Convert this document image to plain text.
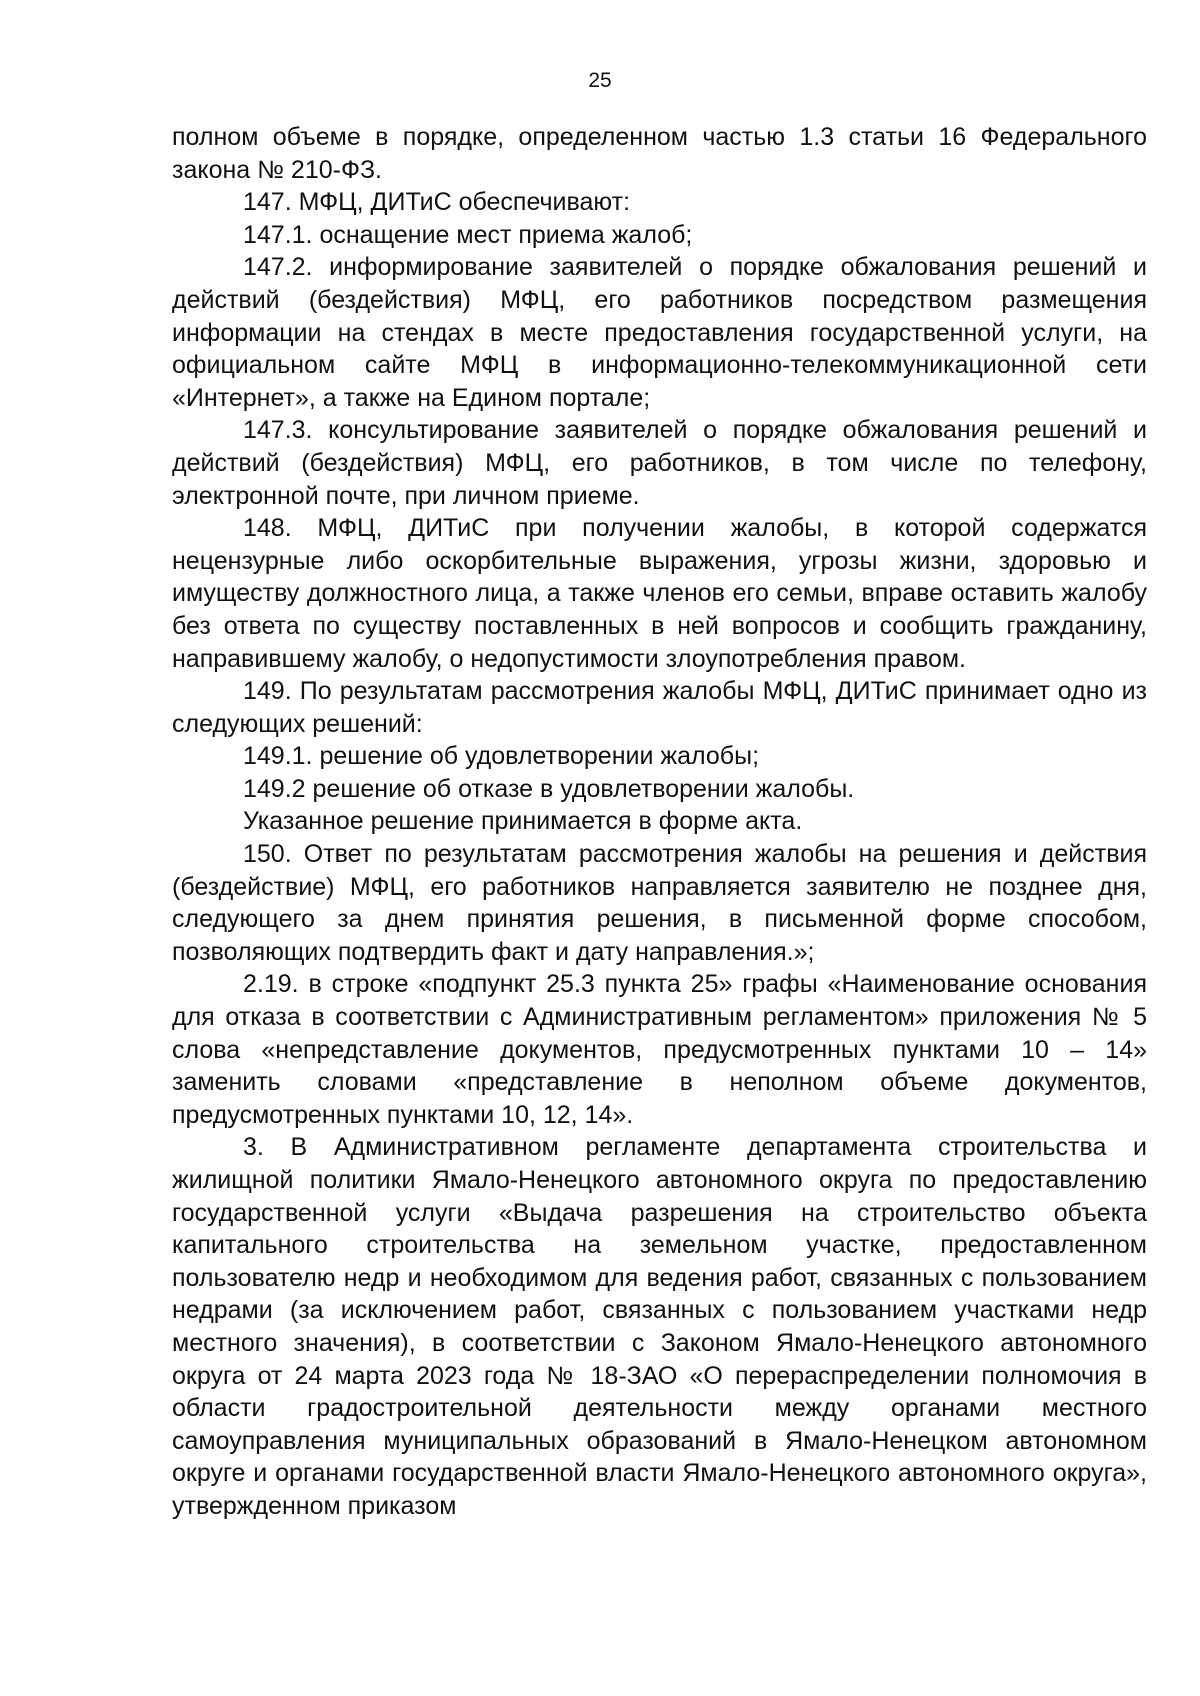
25

полном объеме в порядке, определенном частью 1.3 статьи 16 Федерального закона № 210-ФЗ.

147. МФЦ, ДИТиС обеспечивают:

147.1. оснащение мест приема жалоб;

147.2. информирование заявителей о порядке обжалования решений и действий (бездействия) МФЦ, его работников посредством размещения информации на стендах в месте предоставления государственной услуги, на официальном сайте МФЦ в информационно-телекоммуникационной сети «Интернет», а также на Едином портале;

147.3. консультирование заявителей о порядке обжалования решений и действий (бездействия) МФЦ, его работников, в том числе по телефону, электронной почте, при личном приеме.

148. МФЦ, ДИТиС при получении жалобы, в которой содержатся нецензурные либо оскорбительные выражения, угрозы жизни, здоровью и имуществу должностного лица, а также членов его семьи, вправе оставить жалобу без ответа по существу поставленных в ней вопросов и сообщить гражданину, направившему жалобу, о недопустимости злоупотребления правом.

149. По результатам рассмотрения жалобы МФЦ, ДИТиС принимает одно из следующих решений:

149.1. решение об удовлетворении жалобы;

149.2 решение об отказе в удовлетворении жалобы.

Указанное решение принимается в форме акта.

150. Ответ по результатам рассмотрения жалобы на решения и действия (бездействие) МФЦ, его работников направляется заявителю не позднее дня, следующего за днем принятия решения, в письменной форме способом, позволяющих подтвердить факт и дату направления.»;

2.19. в строке «подпункт 25.3 пункта 25» графы «Наименование основания для отказа в соответствии с Административным регламентом» приложения № 5 слова «непредставление документов, предусмотренных пунктами 10 – 14» заменить словами «представление в неполном объеме документов, предусмотренных пунктами 10, 12, 14».

3. В Административном регламенте департамента строительства и жилищной политики Ямало-Ненецкого автономного округа по предоставлению государственной услуги «Выдача разрешения на строительство объекта капитального строительства на земельном участке, предоставленном пользователю недр и необходимом для ведения работ, связанных с пользованием недрами (за исключением работ, связанных с пользованием участками недр местного значения), в соответствии с Законом Ямало-Ненецкого автономного округа от 24 марта 2023 года № 18-ЗАО «О перераспределении полномочия в области градостроительной деятельности между органами местного самоуправления муниципальных образований в Ямало-Ненецком автономном округе и органами государственной власти Ямало-Ненецкого автономного округа», утвержденном приказом
